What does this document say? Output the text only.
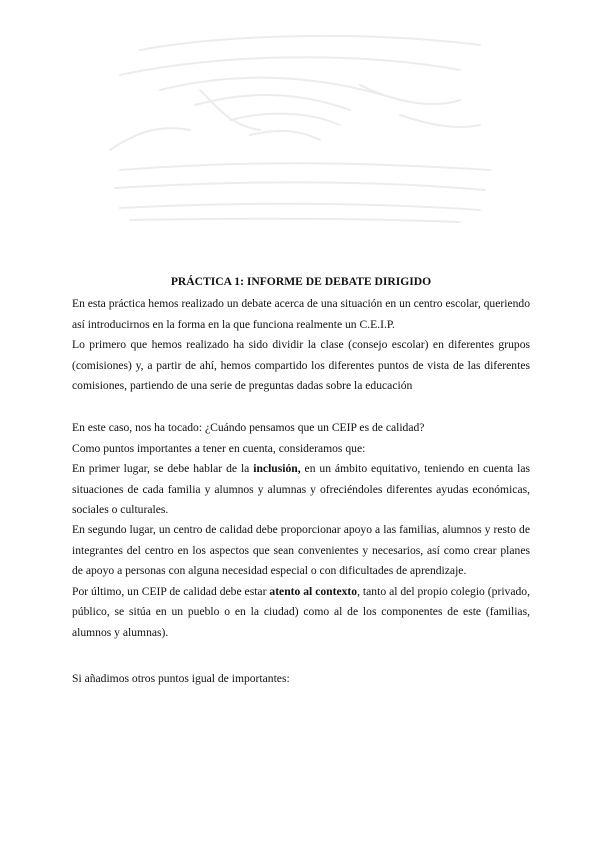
PRÁCTICA 1: INFORME DE DEBATE DIRIGIDO

En esta práctica hemos realizado un debate acerca de una situación en un centro escolar, queriendo así introducirnos en la forma en la que funciona realmente un C.E.I.P.

Lo primero que hemos realizado ha sido dividir la clase (consejo escolar) en diferentes grupos (comisiones) y, a partir de ahí, hemos compartido los diferentes puntos de vista de las diferentes comisiones, partiendo de una serie de preguntas dadas sobre la educación

En este caso, nos ha tocado: ¿Cuándo pensamos que un CEIP es de calidad?

Como puntos importantes a tener en cuenta, consideramos que:

En primer lugar, se debe hablar de la inclusión, en un ámbito equitativo, teniendo en cuenta las situaciones de cada familia y alumnos y alumnas y ofreciéndoles diferentes ayudas económicas, sociales o culturales.

En segundo lugar, un centro de calidad debe proporcionar apoyo a las familias, alumnos y resto de integrantes del centro en los aspectos que sean convenientes y necesarios, así como crear planes de apoyo a personas con alguna necesidad especial o con dificultades de aprendizaje.

Por último, un CEIP de calidad debe estar atento al contexto, tanto al del propio colegio (privado, público, se sitúa en un pueblo o en la ciudad) como al de los componentes de este (familias, alumnos y alumnas).

Si añadimos otros puntos igual de importantes:
